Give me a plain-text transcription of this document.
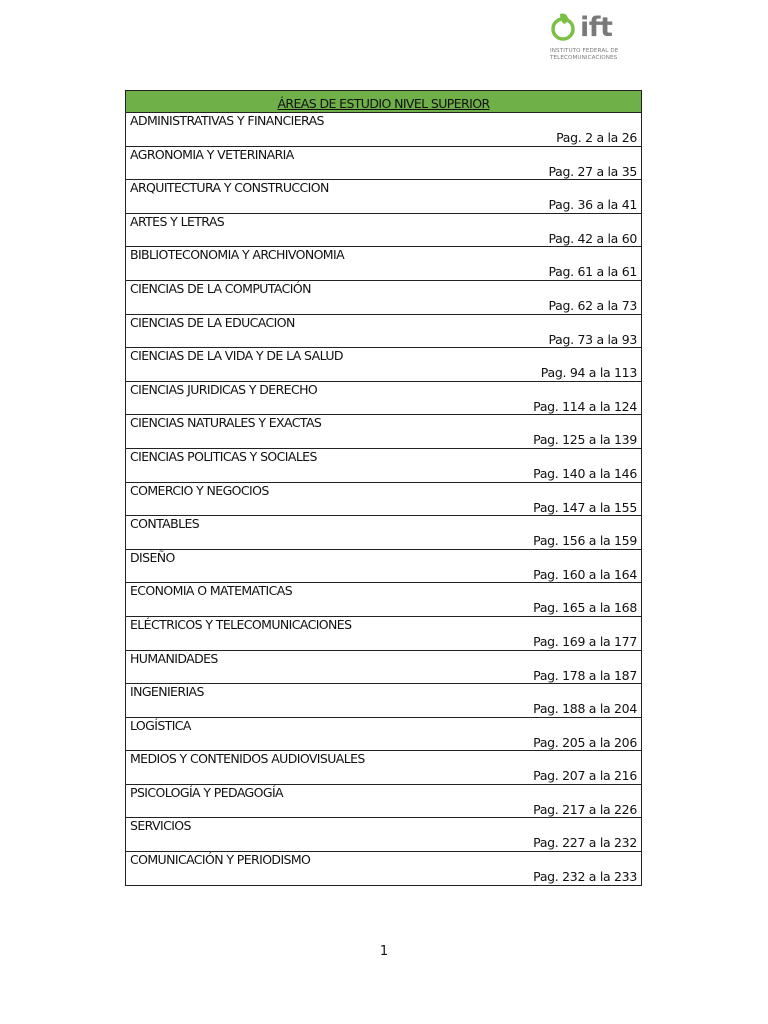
ift
INSTITUTO FEDERAL DE
TELECOMUNICACIONES
ÁREAS DE ESTUDIO NIVEL SUPERIOR
ADMINISTRATIVAS Y FINANCIERAS
Pag. 2 a la 26
AGRONOMIA Y VETERINARIA
Pag. 27 a la 35
ARQUITECTURA Y CONSTRUCCION
Pag. 36 a la 41
ARTES Y LETRAS
Pag. 42 a la 60
BIBLIOTECONOMIA Y ARCHIVONOMIA
Pag. 61 a la 61
CIENCIAS DE LA COMPUTACIÓN
Pag. 62 a la 73
CIENCIAS DE LA EDUCACION
Pag. 73 a la 93
CIENCIAS DE LA VIDA Y DE LA SALUD
Pag. 94 a la 113
CIENCIAS JURIDICAS Y DERECHO
Pag. 114 a la 124
CIENCIAS NATURALES Y EXACTAS
Pag. 125 a la 139
CIENCIAS POLITICAS Y SOCIALES
Pag. 140 a la 146
COMERCIO Y NEGOCIOS
Pag. 147 a la 155
CONTABLES
Pag. 156 a la 159
DISEÑO
Pag. 160 a la 164
ECONOMIA O MATEMATICAS
Pag. 165 a la 168
ELÉCTRICOS Y TELECOMUNICACIONES
Pag. 169 a la 177
HUMANIDADES
Pag. 178 a la 187
INGENIERIAS
Pag. 188 a la 204
LOGÍSTICA
Pag. 205 a la 206
MEDIOS Y CONTENIDOS AUDIOVISUALES
Pag. 207 a la 216
PSICOLOGÍA Y PEDAGOGÍA
Pag. 217 a la 226
SERVICIOS
Pag. 227 a la 232
COMUNICACIÓN Y PERIODISMO
Pag. 232 a la 233
1
